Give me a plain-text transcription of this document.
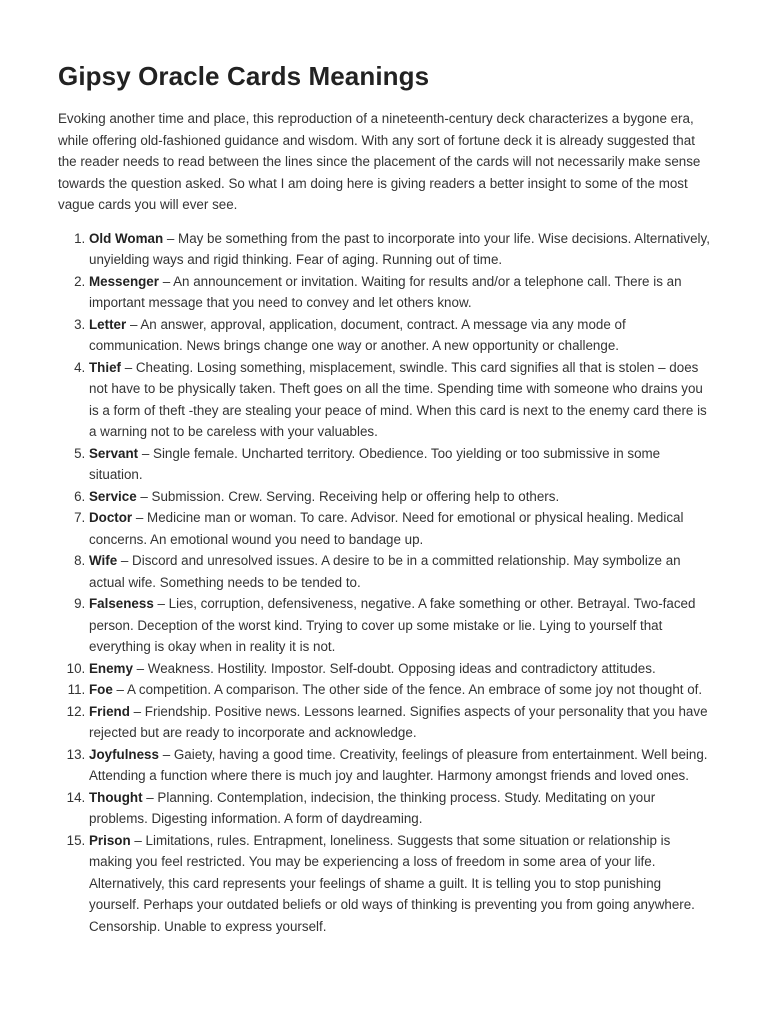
Gipsy Oracle Cards Meanings

Evoking another time and place, this reproduction of a nineteenth-century deck characterizes a bygone era, while offering old-fashioned guidance and wisdom. With any sort of fortune deck it is already suggested that the reader needs to read between the lines since the placement of the cards will not necessarily make sense towards the question asked. So what I am doing here is giving readers a better insight to some of the most vague cards you will ever see.

1. Old Woman – May be something from the past to incorporate into your life. Wise decisions. Alternatively, unyielding ways and rigid thinking. Fear of aging. Running out of time.
2. Messenger – An announcement or invitation. Waiting for results and/or a telephone call. There is an important message that you need to convey and let others know.
3. Letter – An answer, approval, application, document, contract. A message via any mode of communication. News brings change one way or another. A new opportunity or challenge.
4. Thief – Cheating. Losing something, misplacement, swindle. This card signifies all that is stolen – does not have to be physically taken. Theft goes on all the time. Spending time with someone who drains you is a form of theft -they are stealing your peace of mind. When this card is next to the enemy card there is a warning not to be careless with your valuables.
5. Servant – Single female. Uncharted territory. Obedience. Too yielding or too submissive in some situation.
6. Service – Submission. Crew. Serving. Receiving help or offering help to others.
7. Doctor – Medicine man or woman. To care. Advisor. Need for emotional or physical healing. Medical concerns. An emotional wound you need to bandage up.
8. Wife – Discord and unresolved issues. A desire to be in a committed relationship. May symbolize an actual wife. Something needs to be tended to.
9. Falseness – Lies, corruption, defensiveness, negative. A fake something or other. Betrayal. Two-faced person. Deception of the worst kind. Trying to cover up some mistake or lie. Lying to yourself that everything is okay when in reality it is not.
10. Enemy – Weakness. Hostility. Impostor. Self-doubt. Opposing ideas and contradictory attitudes.
11. Foe – A competition. A comparison. The other side of the fence. An embrace of some joy not thought of.
12. Friend – Friendship. Positive news. Lessons learned. Signifies aspects of your personality that you have rejected but are ready to incorporate and acknowledge.
13. Joyfulness – Gaiety, having a good time. Creativity, feelings of pleasure from entertainment. Well being. Attending a function where there is much joy and laughter. Harmony amongst friends and loved ones.
14. Thought – Planning. Contemplation, indecision, the thinking process. Study. Meditating on your problems. Digesting information. A form of daydreaming.
15. Prison – Limitations, rules. Entrapment, loneliness. Suggests that some situation or relationship is making you feel restricted. You may be experiencing a loss of freedom in some area of your life. Alternatively, this card represents your feelings of shame a guilt. It is telling you to stop punishing yourself. Perhaps your outdated beliefs or old ways of thinking is preventing you from going anywhere. Censorship. Unable to express yourself.
